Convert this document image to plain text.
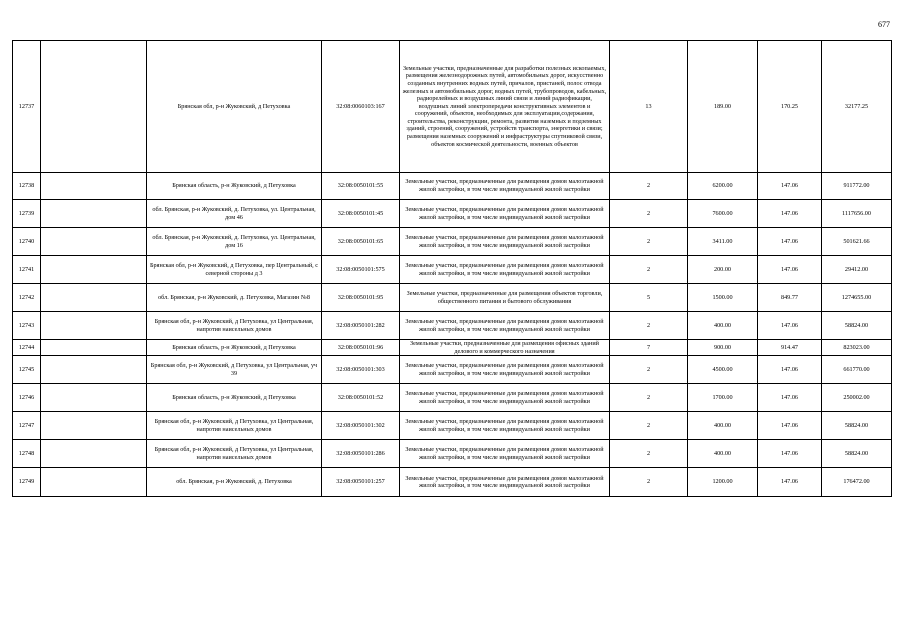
677
12737		Брянская обл, р-н Жуковский, д Петуховка	32:08:0060103:167	Земельные участки, предназначенные для разработки полезных ископаемых, размещения железнодорожных путей, автомобильных дорог, искусственно созданных внутренних водных путей, причалов, пристаней, полос отвода железных и автомобильных дорог, водных путей, трубопроводов, кабельных, радиорелейных и воздушных линий связи и линий радиофикации, воздушных линий электропередачи конструктивных элементов и сооружений, объектов, необходимых для эксплуатации,содержания, строительства, реконструкции, ремонта, развития наземных и подземных зданий, строений, сооружений, устройств транспорта, энергетики и связи; размещения наземных сооружений и инфраструктуры спутниковой связи, объектов космической деятельности, военных объектов	13	189.00	170.25	32177.25
12738		Брянская область, р-н Жуковский, д Петуховка	32:08:0050101:55	Земельные участки, предназначенные для размещения домов малоэтажной жилой застройки, в том числе индивидуальной жилой застройки	2	6200.00	147.06	911772.00
12739		обл. Брянская, р-н Жуковский, д. Петуховка, ул. Центральная, дом 46	32:08:0050101:45	Земельные участки, предназначенные для размещения домов малоэтажной жилой застройки, в том числе индивидуальной жилой застройки	2	7600.00	147.06	1117656.00
12740		обл. Брянская, р-н Жуковский, д. Петуховка, ул. Центральная, дом 16	32:08:0050101:65	Земельные участки, предназначенные для размещения домов малоэтажной жилой застройки, в том числе индивидуальной жилой застройки	2	3411.00	147.06	501621.66
12741		Брянская обл, р-н Жуковский, д Петуховка, пер Центральный, с северной стороны д 3	32:08:0050101:575	Земельные участки, предназначенные для размещения домов малоэтажной жилой застройки, в том числе индивидуальной жилой застройки	2	200.00	147.06	29412.00
12742		обл. Брянская, р-н Жуковский, д. Петуховка, Магазин №8	32:08:0050101:95	Земельные участки, предназначенные для размещения объектов торговли, общественного питания и бытового обслуживания	5	1500.00	849.77	1274655.00
12743		Брянская обл, р-н Жуковский, д Петуховка, ул Центральная, напротив наисельных домов	32:08:0050101:282	Земельные участки, предназначенные для размещения домов малоэтажной жилой застройки, в том числе индивидуальной жилой застройки	2	400.00	147.06	58824.00
12744		Брянская область, р-н Жуковский, д Петуховка	32:08:0050101:96	Земельные участки, предназначенные для размещения офисных зданий делового и коммерческого назначения	7	900.00	914.47	823023.00
12745		Брянская обл, р-н Жуковский, д Петуховка, ул Центральная, уч 39	32:08:0050101:303	Земельные участки, предназначенные для размещения домов малоэтажной жилой застройки, в том числе индивидуальной жилой застройки	2	4500.00	147.06	661770.00
12746		Брянская область, р-н Жуковский, д Петуховка	32:08:0050101:52	Земельные участки, предназначенные для размещения домов малоэтажной жилой застройки, в том числе индивидуальной жилой застройки	2	1700.00	147.06	250002.00
12747		Брянская обл, р-н Жуковский, д Петуховка, ул Центральная, напротив наисельных домов	32:08:0050101:302	Земельные участки, предназначенные для размещения домов малоэтажной жилой застройки, в том числе индивидуальной жилой застройки	2	400.00	147.06	58824.00
12748		Брянская обл, р-н Жуковский, д Петуховка, ул Центральная, напротив наисельных домов	32:08:0050101:286	Земельные участки, предназначенные для размещения домов малоэтажной жилой застройки, в том числе индивидуальной жилой застройки	2	400.00	147.06	58824.00
12749		обл. Брянская, р-н Жуковский, д. Петуховка	32:08:0050101:257	Земельные участки, предназначенные для размещения домов малоэтажной жилой застройки, в том числе индивидуальной жилой застройки	2	1200.00	147.06	176472.00
